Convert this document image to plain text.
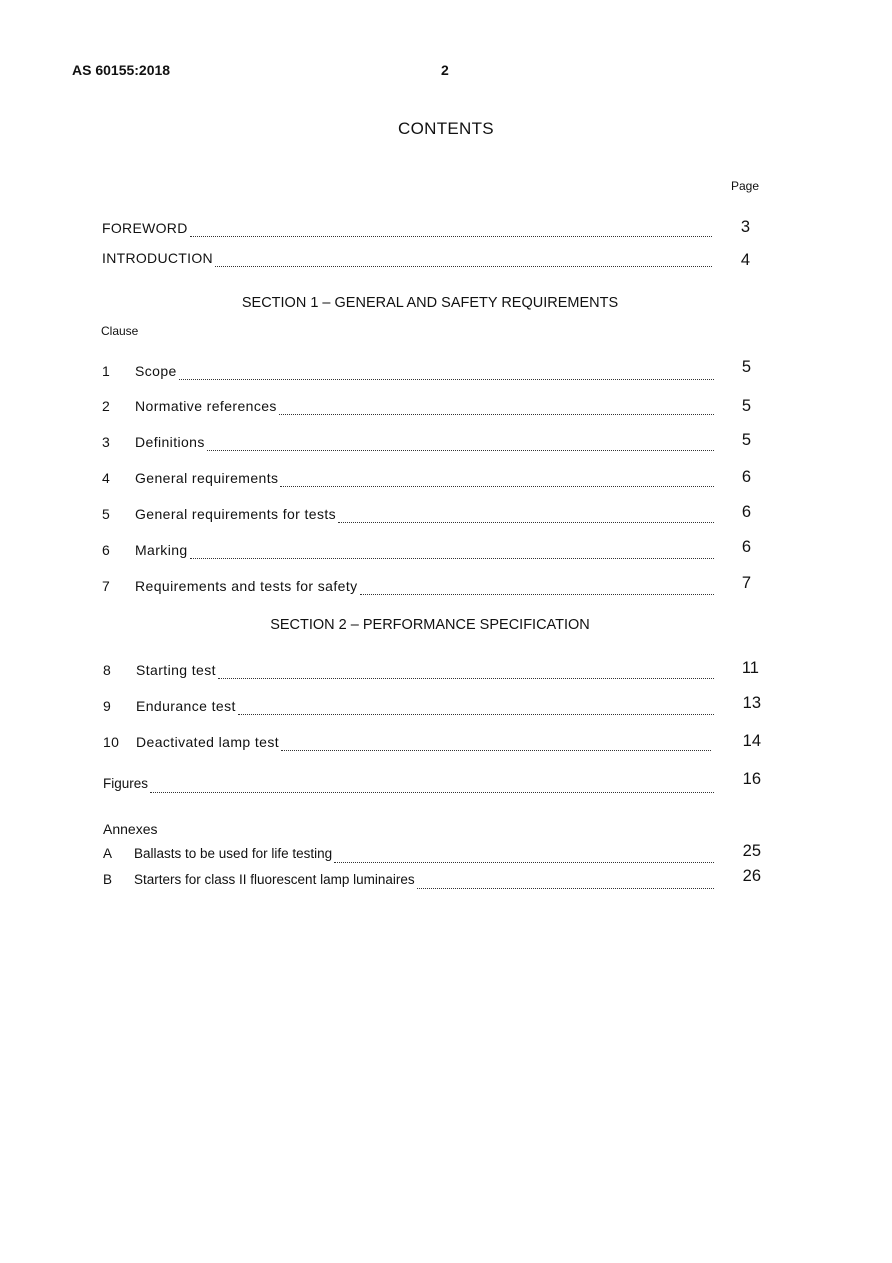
AS 60155:2018	2
CONTENTS
Page
FOREWORD	3
INTRODUCTION	4
SECTION 1 – GENERAL AND SAFETY REQUIREMENTS
Clause
1	Scope	5
2	Normative references	5
3	Definitions	5
4	General requirements	6
5	General requirements for tests	6
6	Marking	6
7	Requirements and tests for safety	7
SECTION 2 – PERFORMANCE SPECIFICATION
8	Starting test	11
9	Endurance test	13
10	Deactivated lamp test	14
Figures	16
Annexes
A	Ballasts to be used for life testing	25
B	Starters for class II fluorescent lamp luminaires	26
